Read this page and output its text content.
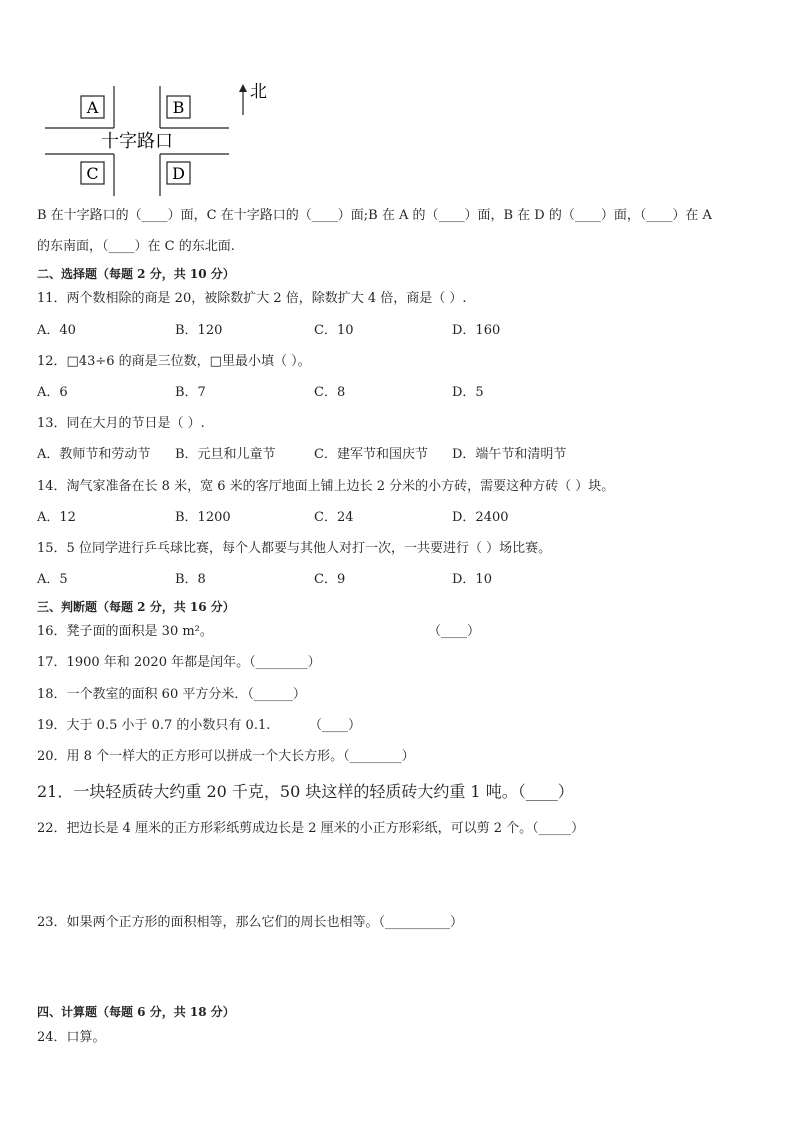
A	B
C	D
十字路口
北
B 在十字路口的（____）面，C 在十字路口的（____）面;B 在 A 的（____）面，B 在 D 的（____）面，（____）在 A
的东南面，（____）在 C 的东北面.
二、选择题（每题 2 分，共 10 分）
11．两个数相除的商是 20，被除数扩大 2 倍，除数扩大 4 倍，商是（ ）.
A．40	B．120	C．10	D．160
12．□43÷6 的商是三位数，□里最小填（ ）。
A．6	B．7	C．8	D．5
13．同在大月的节日是（ ）.
A．教师节和劳动节 B．元旦和儿童节	C．建军节和国庆节 D．端午节和清明节
14．淘气家准备在长 8 米，宽 6 米的客厅地面上铺上边长 2 分米的小方砖，需要这种方砖（ ）块。
A．12	B．1200	C．24	D．2400
15．5 位同学进行乒乓球比赛，每个人都要与其他人对打一次，一共要进行（ ）场比赛。
A．5	B．8	C．9	D．10
三、判断题（每题 2 分，共 16 分）
16．凳子面的面积是 30 m²。	（____）
17．1900 年和 2020 年都是闰年。（________）
18．一个教室的面积 60 平方分米．（______）
19．大于 0.5 小于 0.7 的小数只有 0.1.	（____）
20．用 8 个一样大的正方形可以拼成一个大长方形。（________）
21．一块轻质砖大约重 20 千克，50 块这样的轻质砖大约重 1 吨。（____）
22．把边长是 4 厘米的正方形彩纸剪成边长是 2 厘米的小正方形彩纸，可以剪 2 个。（_____）
23．如果两个正方形的面积相等，那么它们的周长也相等。（__________）
四、计算题（每题 6 分，共 18 分）
24．口算。
